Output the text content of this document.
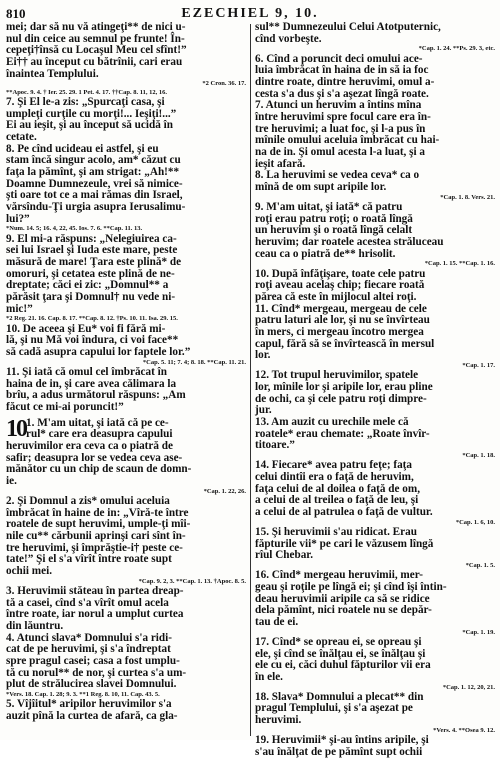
810	EZECHIEL 9, 10.
mei; dar să nu vă atingeţi** de nici u-
nul din ceice au semnul pe frunte! În-
cepeţi†însă cu Locaşul Meu cel sfînt!”
Ei†† au început cu bătrînii, cari erau
înaintea Templului.
*2 Cron. 36. 17.
**Apoc. 9. 4. † Ier. 25. 29. 1 Pet. 4. 17. ††Cap. 8. 11, 12, 16.
7. Şi El le-a zis: „Spurcaţi casa, şi
umpleţi curţile cu morţi!... Ieşiţi!...”
Ei au ieşit, şi au început să ucidă în
cetate.
8. Pe cînd ucideau ei astfel, şi eu
stam încă singur acolo, am* căzut cu
faţa la pămînt, şi am strigat: „Ah!**
Doamne Dumnezeule, vrei să nimice-
şti oare tot ce a mai rămas din Israel,
vărsîndu-Ţi urgia asupra Ierusalimu-
lui?”
*Num. 14. 5; 16. 4, 22, 45. Ios. 7. 6. **Cap. 11. 13.
9. El mi-a răspuns: „Nelegiuirea ca-
sei lui Israel şi Iuda este mare, peste
măsură de mare! Ţara este plină* de
omoruri, şi cetatea este plină de ne-
dreptate; căci ei zic: „Domnul** a
părăsit ţara şi Domnul† nu vede ni-
mic!”
*2 Reg. 21. 16. Cap. 8. 17. **Cap. 8. 12. †Ps. 10. 11. Isa. 29. 15.
10. De aceea şi Eu* voi fi fără mi-
lă, şi nu Mă voi îndura, ci voi face**
să cadă asupra capului lor faptele lor.”
*Cap. 5. 11; 7. 4; 8. 18. **Cap. 11. 21.
11. Şi iată că omul cel îmbrăcat în
haina de in, şi care avea călimara la
brîu, a adus următorul răspuns: „Am
făcut ce mi-ai poruncit!”
10 1. M'am uitat, şi iată că pe ce-
rul* care era deasupra capului
heruvimilor era ceva ca o piatră de
safir; deasupra lor se vedea ceva ase-
mănător cu un chip de scaun de domn-
ie.
*Cap. 1. 22, 26.
2. Şi Domnul a zis* omului aceluia
îmbrăcat în haine de in: „Vîră-te între
roatele de supt heruvimi, umple-ţi mîi-
nile cu** cărbunii aprinşi cari sînt în-
tre heruvimi, şi împrăştie-i† peste ce-
tate!” Şi el s'a vîrît între roate supt
ochii mei.
*Cap. 9. 2, 3. **Cap. 1. 13. †Apoc. 8. 5.
3. Heruvimii stăteau în partea dreap-
tă a casei, cînd s'a vîrît omul acela
între roate, iar norul a umplut curtea
din lăuntru.
4. Atunci slava* Domnului s'a ridi-
cat de pe heruvimi, şi s'a îndreptat
spre pragul casei; casa a fost umplu-
tă cu norul** de nor, şi curtea s'a um-
plut de strălucirea slavei Domnului.
*Vers. 18. Cap. 1. 28; 9. 3. **1 Reg. 8. 10, 11. Cap. 43. 5.
5. Vîjîitul* aripilor heruvimilor s'a
auzit pînă la curtea de afară, ca gla-
sul** Dumnezeului Celui Atotputernic,
cînd vorbeşte.
*Cap. 1. 24. **Ps. 29. 3, etc.
6. Cînd a poruncit deci omului ace-
luia îmbrăcat în haina de in să ia foc
dintre roate, dintre heruvimi, omul a-
cesta s'a dus şi s'a aşezat lîngă roate.
7. Atunci un heruvim a întins mîna
între heruvimi spre focul care era în-
tre heruvimi; a luat foc, şi l-a pus în
mînile omului aceluia îmbrăcat cu hai-
na de in. Şi omul acesta l-a luat, şi a
ieşit afară.
8. La heruvimi se vedea ceva* ca o
mînă de om supt aripile lor.
*Cap. 1. 8. Vers. 21.
9. M'am uitat, şi iată* că patru
roţi erau patru roţi; o roată lîngă
un heruvim şi o roată lîngă celalt
heruvim; dar roatele acestea străluceau
ceau ca o piatră de** hrisolit.
*Cap. 1. 15. **Cap. 1. 16.
10. După înfăţişare, toate cele patru
roţi aveau acelaş chip; fiecare roată
părea că este în mijlocul altei roţi.
11. Cînd* mergeau, mergeau de cele
patru laturi ale lor, şi nu se învîrteau
în mers, ci mergeau încotro mergea
capul, fără să se învîrtească în mersul
lor.
*Cap. 1. 17.
12. Tot trupul heruvimilor, spatele
lor, mînile lor şi aripile lor, erau pline
de ochi, ca şi cele patru roţi dimpre-
jur.
13. Am auzit cu urechile mele că
roatele* erau chemate: „Roate învîr-
titoare.”
*Cap. 1. 18.
14. Fiecare* avea patru feţe; faţa
celui dintîi era o faţă de heruvim,
faţa celui de al doilea o faţă de om,
a celui de al treilea o faţă de leu, şi
a celui de al patrulea o faţă de vultur.
*Cap. 1. 6, 10.
15. Şi heruvimii s'au ridicat. Erau
făpturile vii* pe cari le văzusem lîngă
rîul Chebar.
*Cap. 1. 5.
16. Cînd* mergeau heruvimii, mer-
geau şi roţile pe lîngă ei; şi cînd îşi întin-
deau heruvimii aripile ca să se ridice
dela pămînt, nici roatele nu se depăr-
tau de ei.
*Cap. 1. 19.
17. Cînd* se opreau ei, se opreau şi
ele, şi cînd se înălţau ei, se înălţau şi
ele cu ei, căci duhul făpturilor vii era
în ele.
*Cap. 1. 12, 20, 21.
18. Slava* Domnului a plecat** din
pragul Templului, şi s'a aşezat pe
heruvimi.
*Vers. 4. **Osea 9. 12.
19. Heruvimii* şi-au întins aripile, şi
s'au înălţat de pe pămînt supt ochii
